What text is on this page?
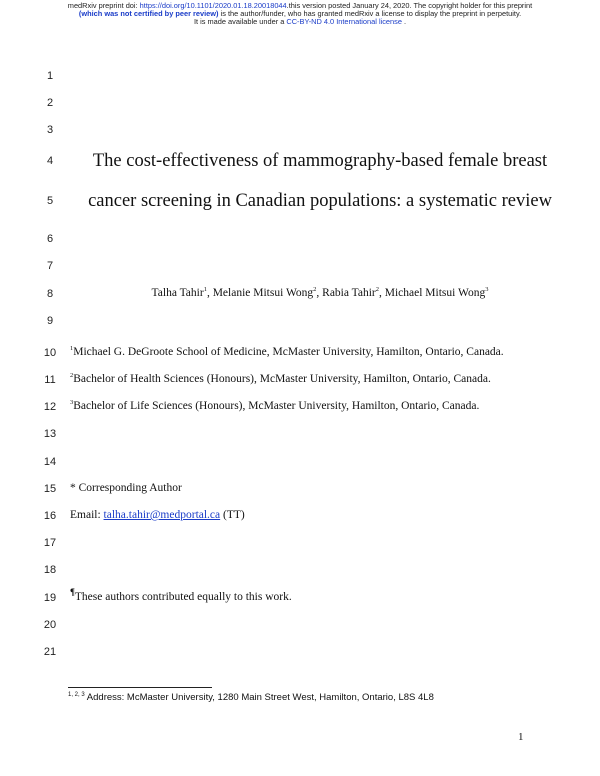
medRxiv preprint doi: https://doi.org/10.1101/2020.01.18.20018044.this version posted January 24, 2020. The copyright holder for this preprint
(which was not certified by peer review) is the author/funder, who has granted medRxiv a license to display the preprint in perpetuity.
It is made available under a CC-BY-ND 4.0 International license .
1
2
3
4
5
6
7
8
9
10
11
12
13
14
15
16
17
18
19
20
21
The cost-effectiveness of mammography-based female breast
cancer screening in Canadian populations: a systematic review
Talha Tahir$^1$, Melanie Mitsui Wong$^2$, Rabia Tahir$^2$, Michael Mitsui Wong$^3$
$^1$Michael G. DeGroote School of Medicine, McMaster University, Hamilton, Ontario, Canada.
$^2$Bachelor of Health Sciences (Honours), McMaster University, Hamilton, Ontario, Canada.
$^3$Bachelor of Life Sciences (Honours), McMaster University, Hamilton, Ontario, Canada.
* Corresponding Author
Email: talha.tahir@medportal.ca (TT)
¶These authors contributed equally to this work.
$^{1, 2, 3}$ Address: McMaster University, 1280 Main Street West, Hamilton, Ontario, L8S 4L8
1
